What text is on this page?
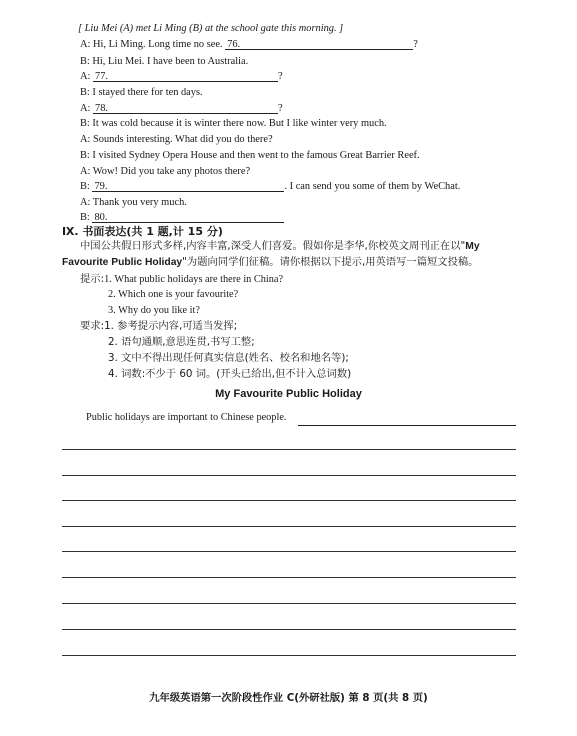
[ Liu Mei (A) met Li Ming (B) at the school gate this morning. ]
A: Hi, Li Ming. Long time no see. 76.	?
B: Hi, Liu Mei. I have been to Australia.
A: 77.	?
B: I stayed there for ten days.
A: 78.	?
B: It was cold because it is winter there now. But I like winter very much.
A: Sounds interesting. What did you do there?
B: I visited Sydney Opera House and then went to the famous Great Barrier Reef.
A: Wow! Did you take any photos there?
B: 79.	. I can send you some of them by WeChat.
A: Thank you very much.
B: 80.
Ⅸ. 书面表达(共 1 题,计 15 分)
中国公共假日形式多样,内容丰富,深受人们喜爱。假如你是李华,你校英文周刊正在以"My
Favourite Public Holiday"为题向同学们征稿。请你根据以下提示,用英语写一篇短文投稿。
提示:1. What public holidays are there in China?
2. Which one is your favourite?
3. Why do you like it?
要求:1. 参考提示内容,可适当发挥;
2. 语句通顺,意思连贯,书写工整;
3. 文中不得出现任何真实信息(姓名、校名和地名等);
4. 词数:不少于 60 词。(开头已给出,但不计入总词数)
My Favourite Public Holiday
Public holidays are important to Chinese people.
九年级英语第一次阶段性作业 C(外研社版) 第 8 页(共 8 页)
